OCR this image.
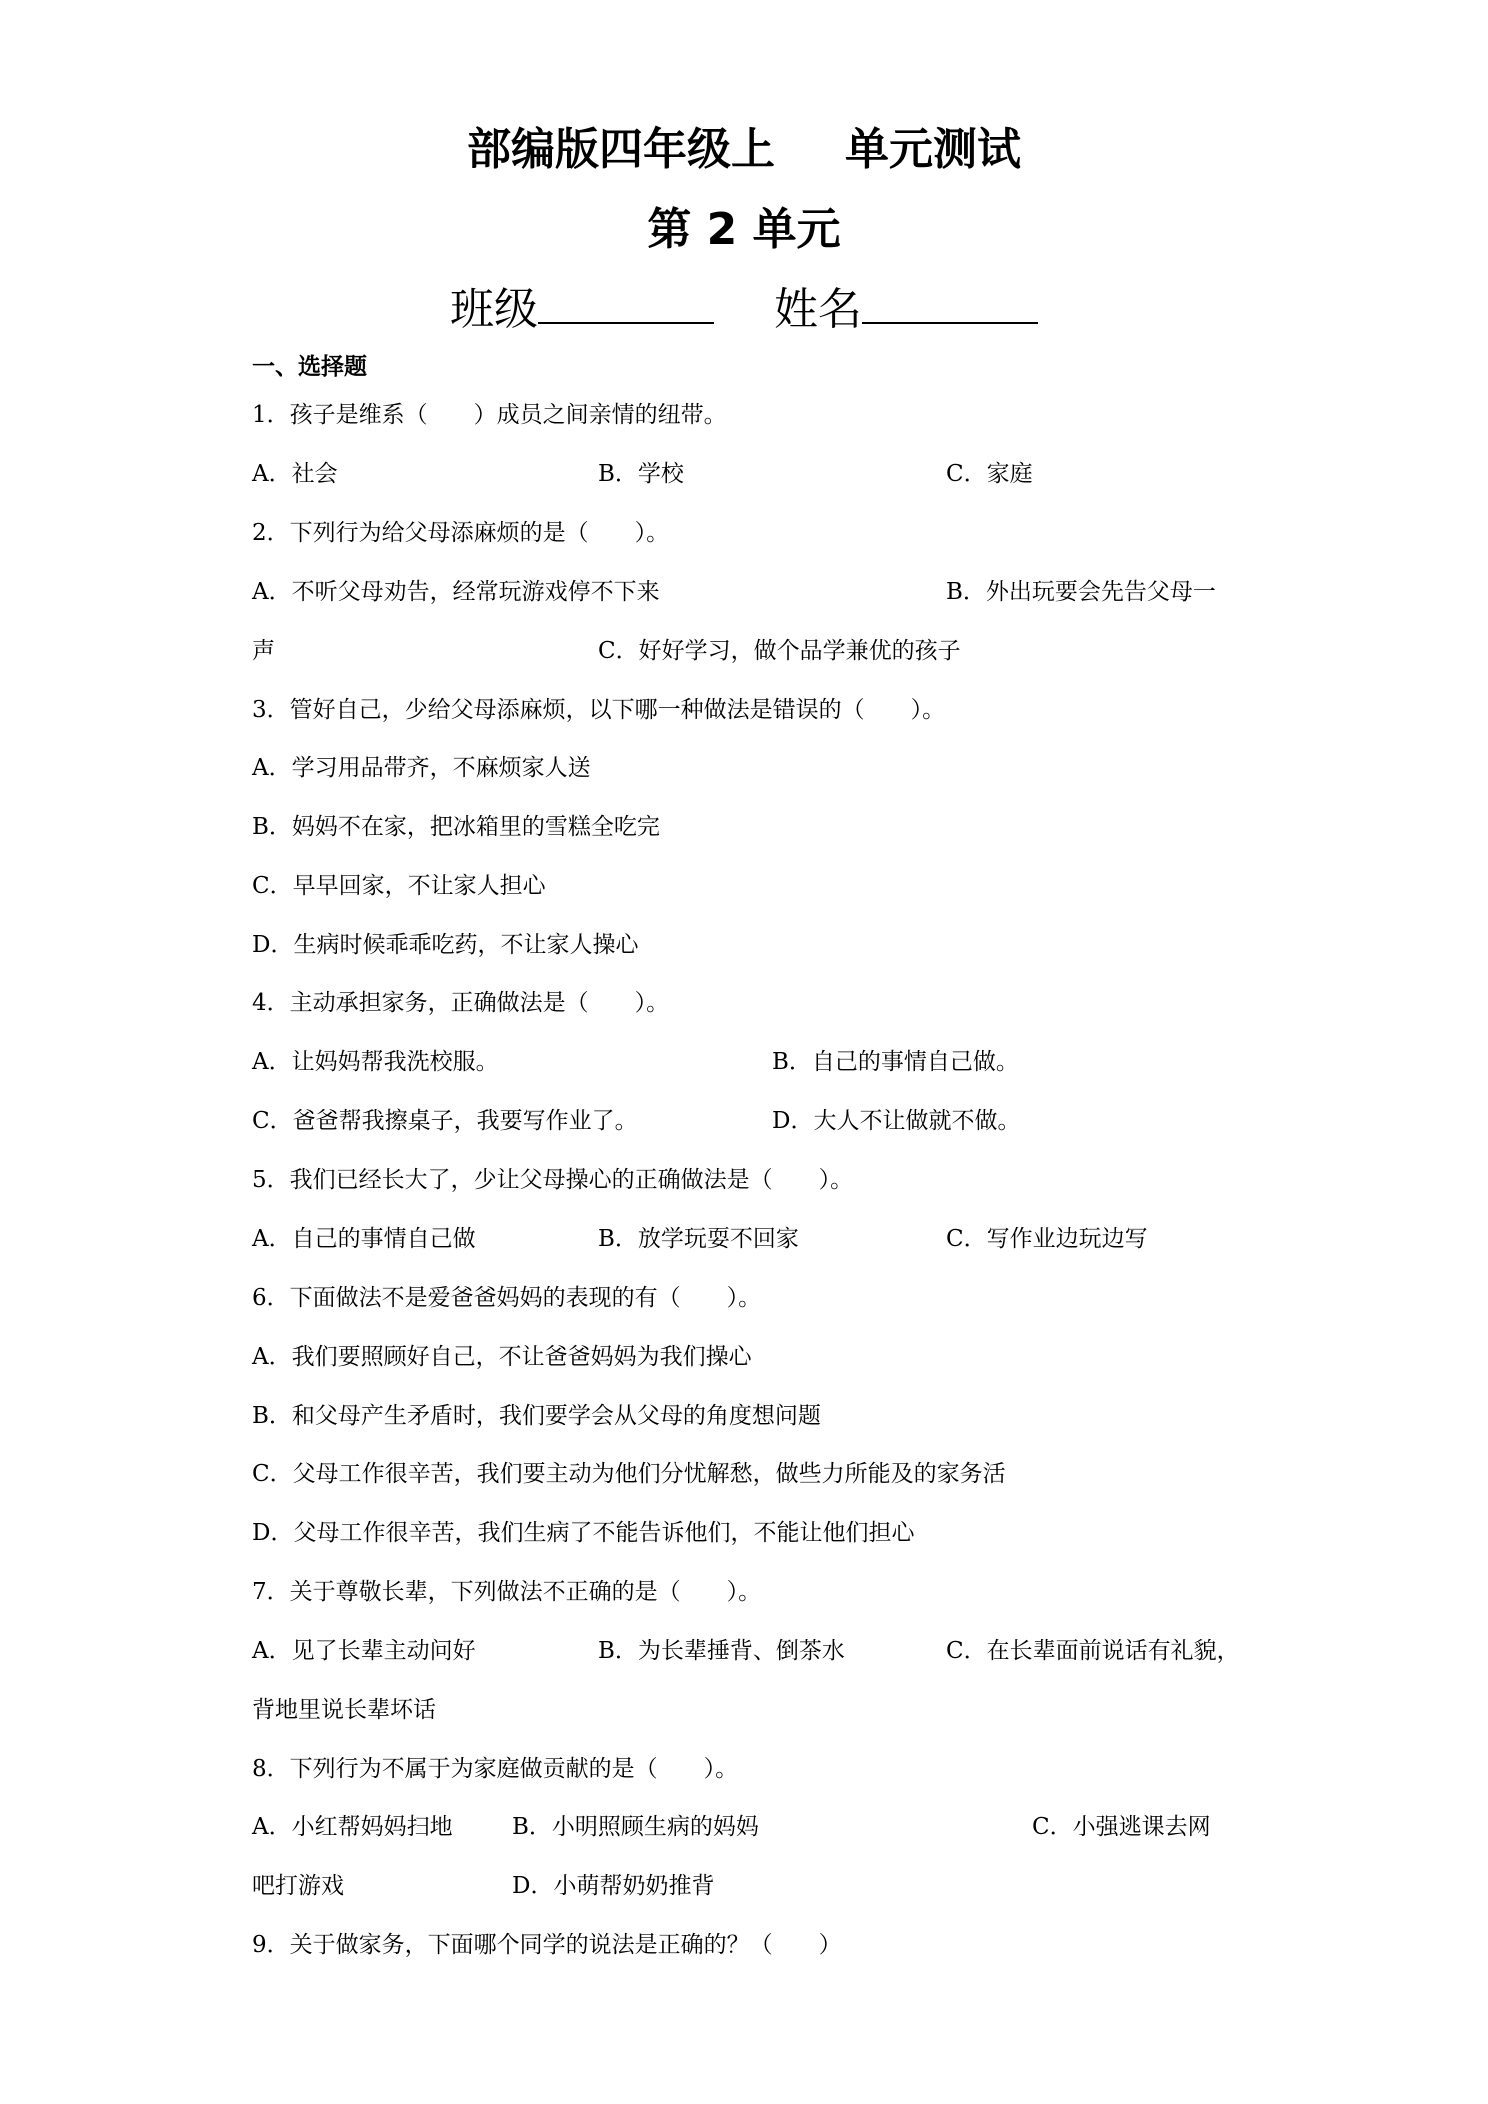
部编版四年级上 单元测试
第 2 单元
班级	姓名
一、选择题
1．孩子是维系（　　）成员之间亲情的纽带。
A．社会	B．学校	C．家庭
2．下列行为给父母添麻烦的是（　　）。
A．不听父母劝告，经常玩游戏停不下来	B．外出玩要会先告父母一
声	C．好好学习，做个品学兼优的孩子
3．管好自己，少给父母添麻烦，以下哪一种做法是错误的（　　）。
A．学习用品带齐，不麻烦家人送
B．妈妈不在家，把冰箱里的雪糕全吃完
C．早早回家，不让家人担心
D．生病时候乖乖吃药，不让家人操心
4．主动承担家务，正确做法是（　　）。
A．让妈妈帮我洗校服。	B．自己的事情自己做。
C．爸爸帮我擦桌子，我要写作业了。	D．大人不让做就不做。
5．我们已经长大了，少让父母操心的正确做法是（　　）。
A．自己的事情自己做	B．放学玩耍不回家	C．写作业边玩边写
6．下面做法不是爱爸爸妈妈的表现的有（　　）。
A．我们要照顾好自己，不让爸爸妈妈为我们操心
B．和父母产生矛盾时，我们要学会从父母的角度想问题
C．父母工作很辛苦，我们要主动为他们分忧解愁，做些力所能及的家务活
D．父母工作很辛苦，我们生病了不能告诉他们，不能让他们担心
7．关于尊敬长辈，下列做法不正确的是（　　）。
A．见了长辈主动问好	B．为长辈捶背、倒茶水	C．在长辈面前说话有礼貌，
背地里说长辈坏话
8．下列行为不属于为家庭做贡献的是（　　）。
A．小红帮妈妈扫地	B．小明照顾生病的妈妈	C．小强逃课去网
吧打游戏	D．小萌帮奶奶推背
9．关于做家务，下面哪个同学的说法是正确的？（　　）
